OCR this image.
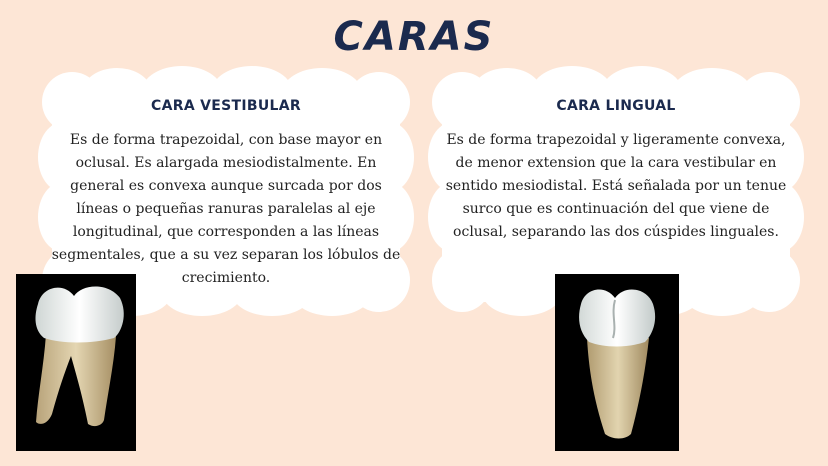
CARAS
CARA VESTIBULAR
Es de forma trapezoidal, con base mayor en oclusal. Es alargada mesiodistalmente. En general es convexa aunque surcada por dos líneas o pequeñas ranuras paralelas al eje longitudinal, que corresponden a las líneas segmentales, que a su vez separan los lóbulos de crecimiento.
CARA LINGUAL
Es de forma trapezoidal y ligeramente convexa, de menor extension que la cara vestibular en sentido mesiodistal. Está señalada por un tenue surco que es continuación del que viene de oclusal, separando las dos cúspides linguales.
